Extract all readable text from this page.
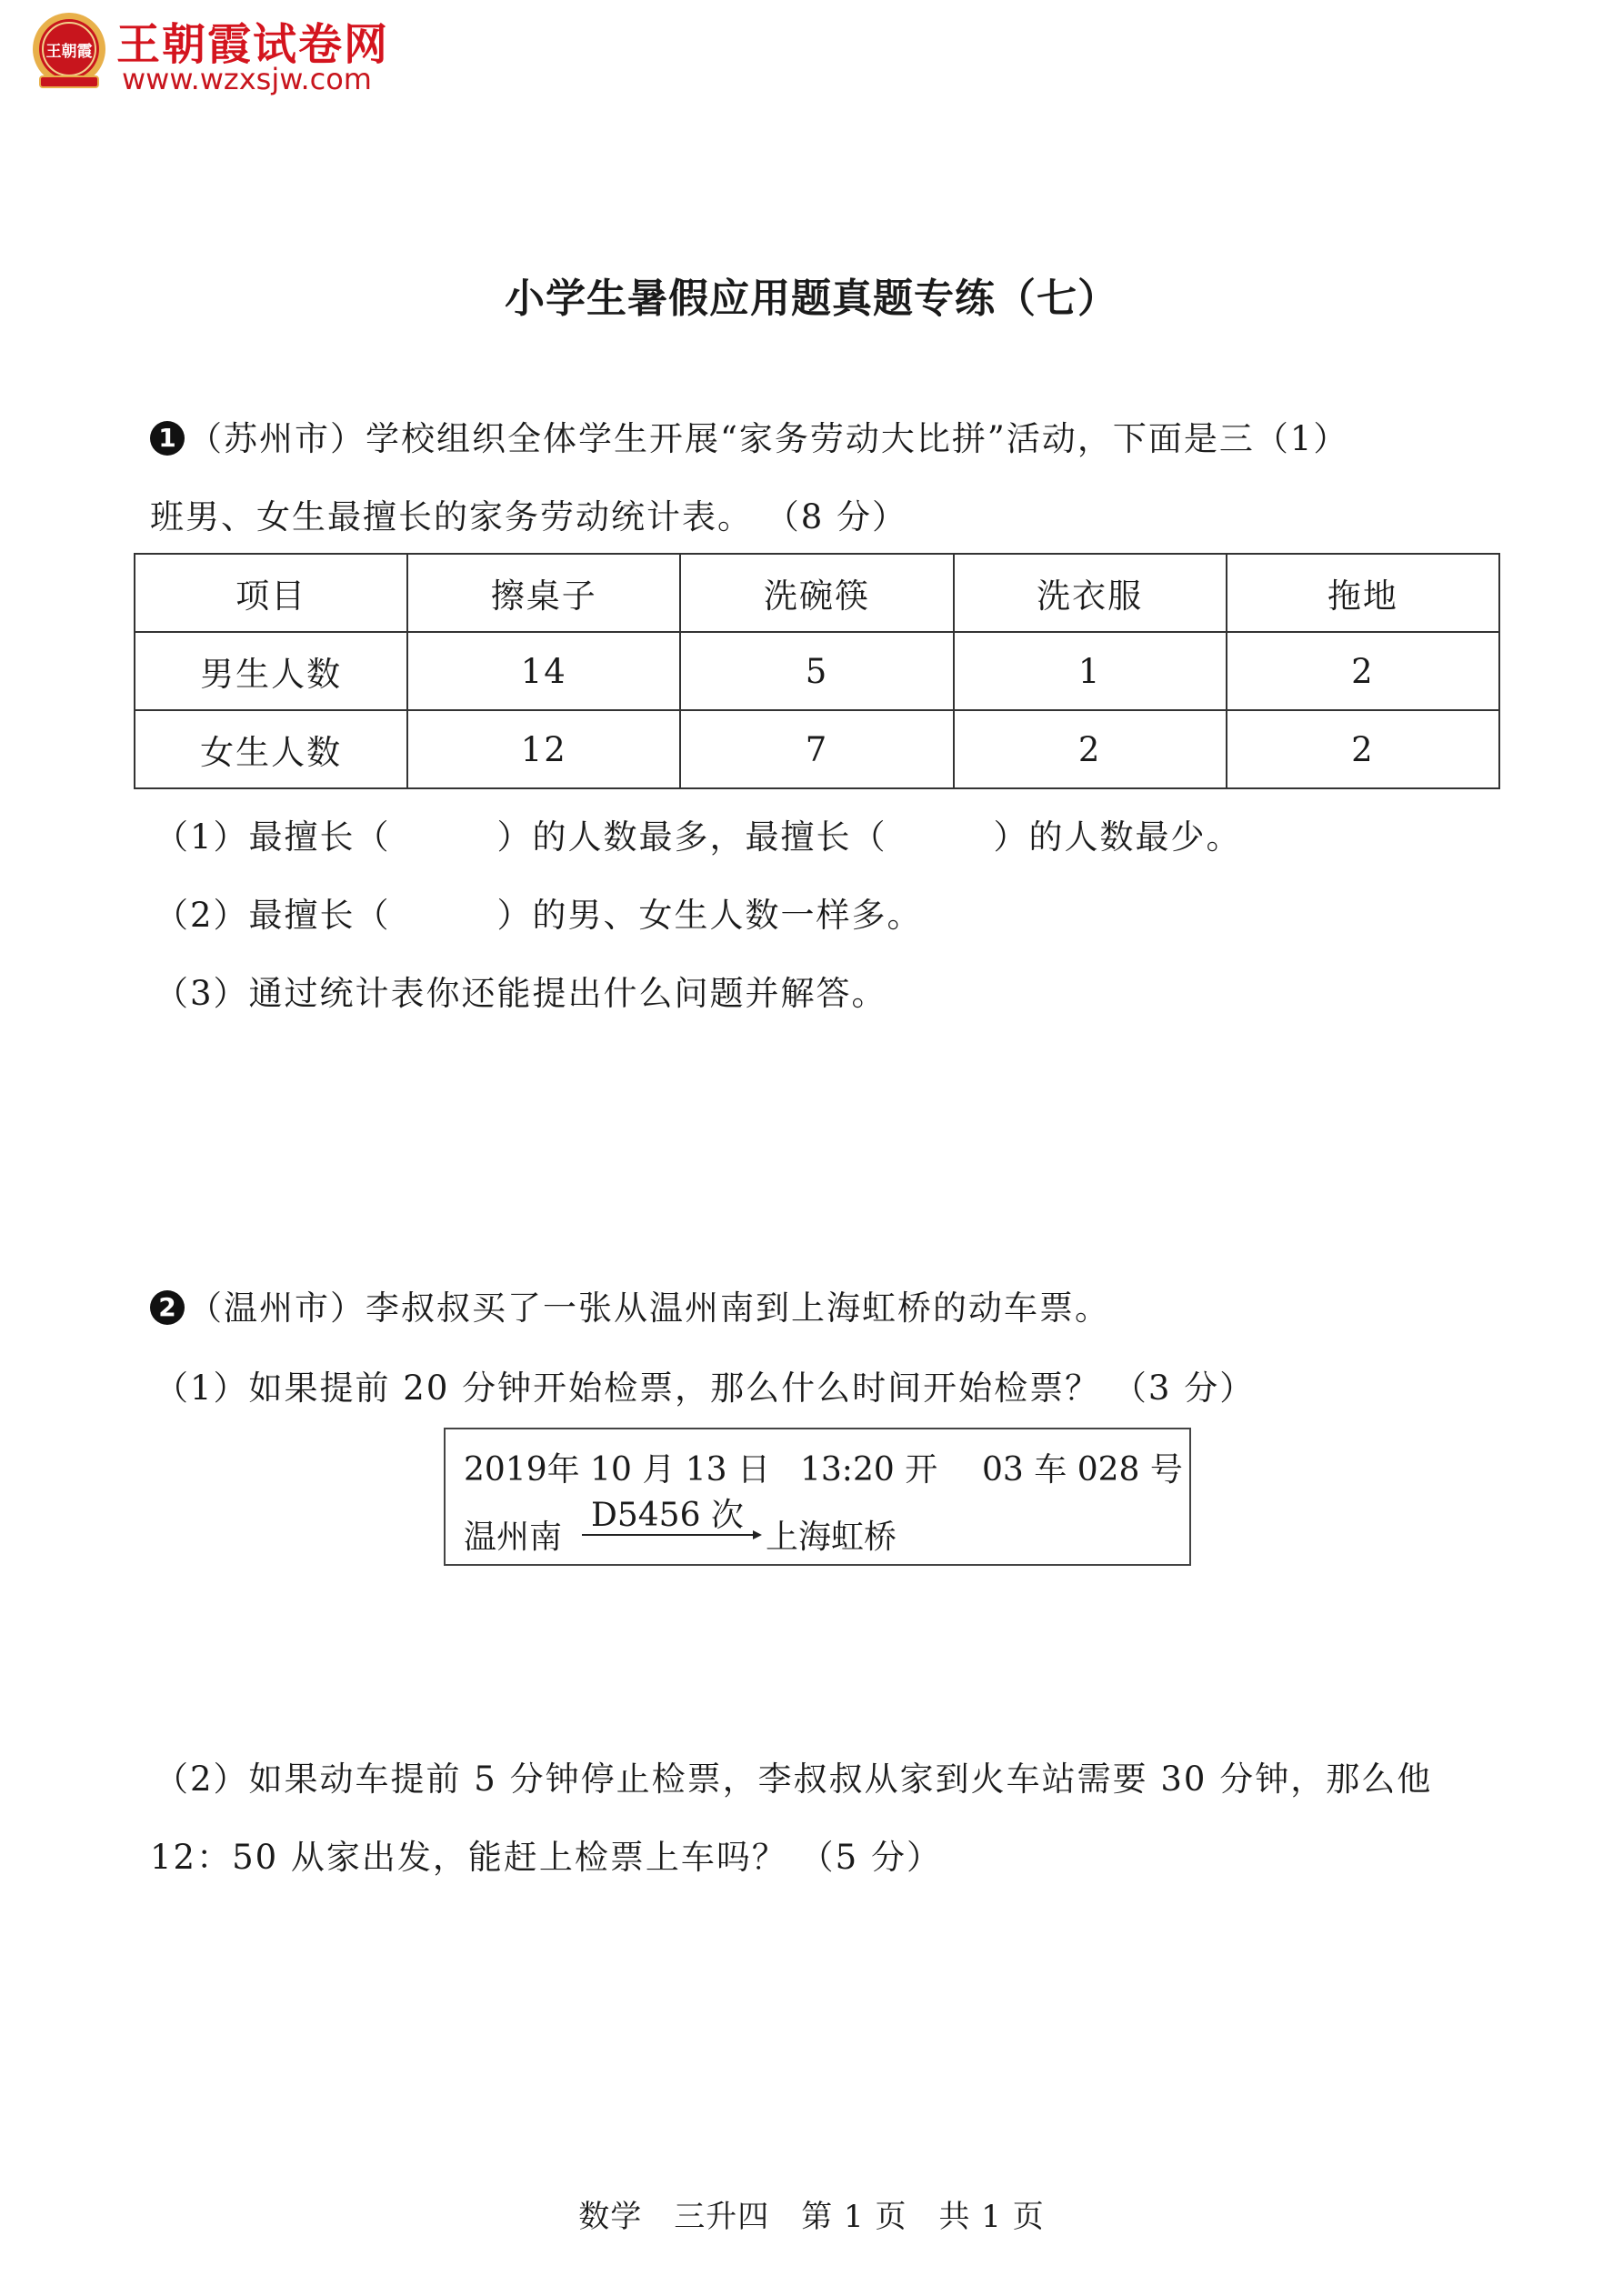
王朝霞 王朝霞试卷网
www.wzxsjw.com
小学生暑假应用题真题专练（七）
1 （苏州市）学校组织全体学生开展“家务劳动大比拼”活动，下面是三（1）
班男、女生最擅长的家务劳动统计表。 （8 分）
项目	擦桌子	洗碗筷	洗衣服	拖地
男生人数	14	5	1	2
女生人数	12	7	2	2
（1）最擅长（　　　）的人数最多，最擅长（　　　）的人数最少。
（2）最擅长（　　　）的男、女生人数一样多。
（3）通过统计表你还能提出什么问题并解答。
2 （温州市）李叔叔买了一张从温州南到上海虹桥的动车票。
（1）如果提前 20 分钟开始检票，那么什么时间开始检票？ （3 分）
2019年 10 月 13 日 13:20 开 03 车 028 号
温州南
D5456 次
上海虹桥
（2）如果动车提前 5 分钟停止检票，李叔叔从家到火车站需要 30 分钟，那么他
12：50 从家出发，能赶上检票上车吗？ （5 分）
数学　三升四　第 1 页　共 1 页
